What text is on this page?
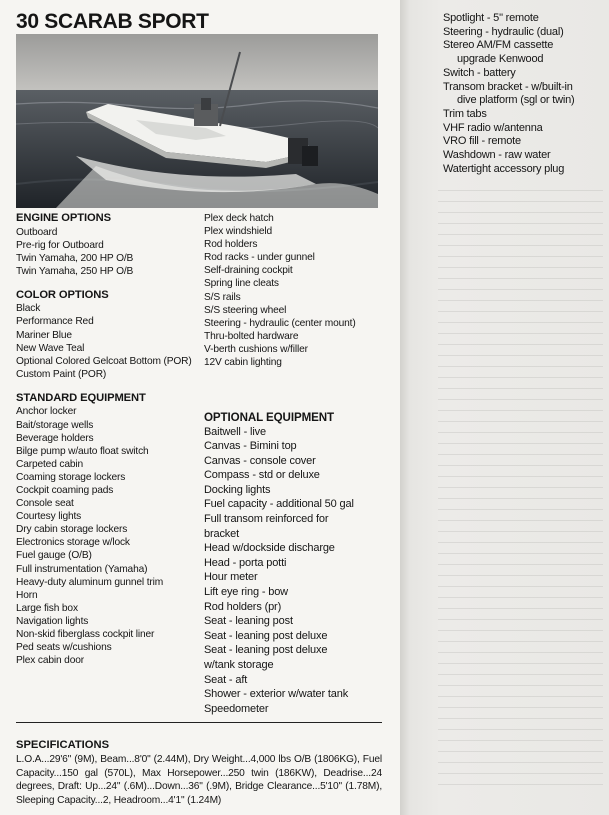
30 SCARAB SPORT
ENGINE OPTIONS
Outboard
Pre-rig for Outboard
Twin Yamaha, 200 HP O/B
Twin Yamaha, 250 HP O/B
COLOR OPTIONS
Black
Performance Red
Mariner Blue
New Wave Teal
Optional Colored Gelcoat Bottom (POR)
Custom Paint (POR)
STANDARD EQUIPMENT
Anchor locker
Bait/storage wells
Beverage holders
Bilge pump w/auto float switch
Carpeted cabin
Coaming storage lockers
Cockpit coaming pads
Console seat
Courtesy lights
Dry cabin storage lockers
Electronics storage w/lock
Fuel gauge (O/B)
Full instrumentation (Yamaha)
Heavy-duty aluminum gunnel trim
Horn
Large fish box
Navigation lights
Non-skid fiberglass cockpit liner
Ped seats w/cushions
Plex cabin door
Plex deck hatch
Plex windshield
Rod holders
Rod racks - under gunnel
Self-draining cockpit
Spring line cleats
S/S rails
S/S steering wheel
Steering - hydraulic (center mount)
Thru-bolted hardware
V-berth cushions w/filler
12V cabin lighting
OPTIONAL EQUIPMENT
Baitwell - live
Canvas - Bimini top
Canvas - console cover
Compass - std or deluxe
Docking lights
Fuel capacity - additional 50 gal
Full transom reinforced for bracket
Head w/dockside discharge
Head - porta potti
Hour meter
Lift eye ring - bow
Rod holders (pr)
Seat - leaning post
Seat - leaning post deluxe
Seat - leaning post deluxe w/tank storage
Seat - aft
Shower - exterior w/water tank
Speedometer
SPECIFICATIONS

L.O.A...29'6" (9M), Beam...8'0" (2.44M), Dry Weight...4,000 lbs O/B (1806KG), Fuel Capacity...150 gal (570L), Max Horsepower...250 twin (186KW), Deadrise...24 degrees, Draft: Up...24" (.6M)...Down...36" (.9M), Bridge Clearance...5'10" (1.78M), Sleeping Capacity...2, Headroom...4'1" (1.24M)

Spotlight - 5" remote
Steering - hydraulic (dual)
Stereo AM/FM cassette
upgrade Kenwood
Switch - battery
Transom bracket - w/built-in
dive platform (sgl or twin)
Trim tabs
VHF radio w/antenna
VRO fill - remote
Washdown - raw water
Watertight accessory plug
